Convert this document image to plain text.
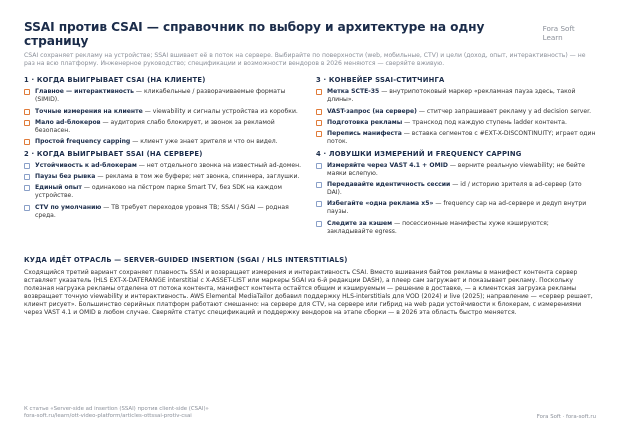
SSAI против CSAI — справочник по выбору и архитектуре на одну страницу
Fora Soft Learn
CSAI сохраняет рекламу на устройстве; SSAI вшивает её в поток на сервере. Выбирайте по поверхности (web, мобильные, CTV) и цели (доход, опыт, интерактивность) — не раз на всю платформу. Инженерное руководство; спецификации и возможности вендоров в 2026 меняются — сверяйте вживую.
1 · КОГДА ВЫИГРЫВАЕТ CSAI (НА КЛИЕНТЕ)
Главное — интерактивность — кликабельные / разворачиваемые форматы (SIMID).
Точные измерения на клиенте — viewability и сигналы устройства из коробки.
Мало ad-блокеров — аудитория слабо блокирует, и звонок за рекламой безопасен.
Простой frequency capping — клиент уже знает зрителя и что он видел.
2 · КОГДА ВЫИГРЫВАЕТ SSAI (НА СЕРВЕРЕ)
Устойчивость к ad-блокерам — нет отдельного звонка на известный ad-домен.
Паузы без рывка — реклама в том же буфере; нет звонка, спиннера, заглушки.
Единый опыт — одинаково на пёстром парке Smart TV, без SDK на каждом устройстве.
CTV по умолчанию — ТВ требует переходов уровня ТВ; SSAI / SGAI — родная среда.
3 · КОНВЕЙЕР SSAI-СТИТЧИНГА
Метка SCTE-35 — внутрипотоковый маркер «рекламная пауза здесь, такой длины».
VAST-запрос (на сервере) — ститчер запрашивает рекламу у ad decision server.
Подготовка рекламы — транскод под каждую ступень ladder контента.
Перепись манифеста — вставка сегментов с #EXT-X-DISCONTINUITY; играет один поток.
4 · ЛОВУШКИ ИЗМЕРЕНИЙ И FREQUENCY CAPPING
Измеряйте через VAST 4.1 + OMID — верните реальную viewability; не бейте маяки вслепую.
Передавайте идентичность сессии — id / историю зрителя в ad-сервер (это DAI).
Избегайте «одна реклама x5» — frequency cap на ad-сервере и дедуп внутри паузы.
Следите за кэшем — посессионные манифесты хуже кэшируются; закладывайте egress.
КУДА ИДЁТ ОТРАСЛЬ — SERVER-GUIDED INSERTION (SGAI / HLS INTERSTITIALS)
Сходящийся третий вариант сохраняет плавность SSAI и возвращает измерения и интерактивность CSAI. Вместо вшивания байтов рекламы в манифест контента сервер вставляет указатель (HLS EXT-X-DATERANGE interstitial с X-ASSET-LIST или маркеры SGAI из 6-й редакции DASH), а плеер сам загружает и показывает рекламу. Поскольку полезная нагрузка рекламы отделена от потока контента, манифест контента остаётся общим и кэшируемым — решение в доставке, — а клиентская загрузка рекламы возвращает точную viewability и интерактивность. AWS Elemental MediaTailor добавил поддержку HLS-interstitials для VOD (2024) и live (2025); направление — «сервер решает, клиент рисует». Большинство серийных платформ работают смешанно: на сервере для CTV, на сервере или гибрид на web ради устойчивости к блокерам, с измерениями через VAST 4.1 и OMID в любом случае. Сверяйте статус спецификаций и поддержку вендоров на этапе сборки — в 2026 эта область быстро меняется.
К статье «Server-side ad insertion (SSAI) против client-side (CSAI)»
fora-soft.ru/learn/ott-video-platform/articles-ottssai-protiv-csai	Fora Soft · fora-soft.ru
